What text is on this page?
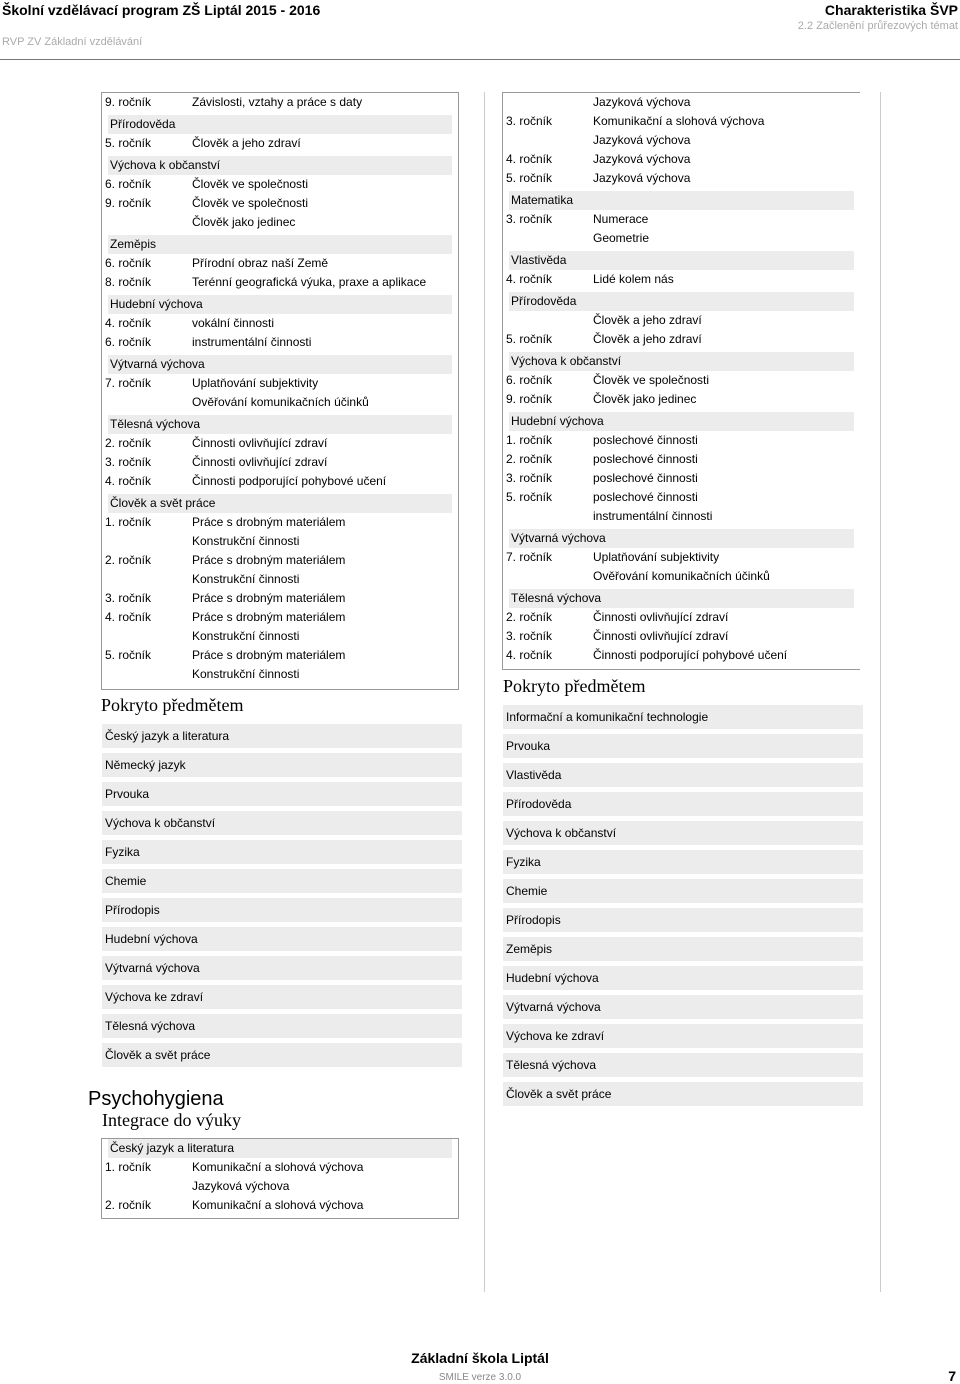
Školní vzdělávací program ZŠ Liptál 2015 - 2016
RVP ZV Základní vzdělávání
Charakteristika ŠVP
2.2 Začlenění průřezových témat
9. ročník	Závislosti, vztahy a práce s daty
Přírodověda
5. ročník	Člověk a jeho zdraví
Výchova k občanství
6. ročník	Člověk ve společnosti
9. ročník	Člověk ve společnosti
Člověk jako jedinec
Zeměpis
6. ročník	Přírodní obraz naší Země
8. ročník	Terénní geografická výuka, praxe a aplikace
Hudební výchova
4. ročník	vokální činnosti
6. ročník	instrumentální činnosti
Výtvarná výchova
7. ročník	Uplatňování subjektivity
Ověřování komunikačních účinků
Tělesná výchova
2. ročník	Činnosti ovlivňující zdraví
3. ročník	Činnosti ovlivňující zdraví
4. ročník	Činnosti podporující pohybové učení
Člověk a svět práce
1. ročník	Práce s drobným materiálem
Konstrukční činnosti
2. ročník	Práce s drobným materiálem
Konstrukční činnosti
3. ročník	Práce s drobným materiálem
4. ročník	Práce s drobným materiálem
Konstrukční činnosti
5. ročník	Práce s drobným materiálem
Konstrukční činnosti
Pokryto předmětem
Český jazyk a literatura
Německý jazyk
Prvouka
Výchova k občanství
Fyzika
Chemie
Přírodopis
Hudební výchova
Výtvarná výchova
Výchova ke zdraví
Tělesná výchova
Člověk a svět práce
Psychohygiena
Integrace do výuky
Český jazyk a literatura
1. ročník	Komunikační a slohová výchova
Jazyková výchova
2. ročník	Komunikační a slohová výchova
Jazyková výchova
3. ročník	Komunikační a slohová výchova
Jazyková výchova
4. ročník	Jazyková výchova
5. ročník	Jazyková výchova
Matematika
3. ročník	Numerace
Geometrie
Vlastivěda
4. ročník	Lidé kolem nás
Přírodověda
Člověk a jeho zdraví
5. ročník	Člověk a jeho zdraví
Výchova k občanství
6. ročník	Člověk ve společnosti
9. ročník	Člověk jako jedinec
Hudební výchova
1. ročník	poslechové činnosti
2. ročník	poslechové činnosti
3. ročník	poslechové činnosti
5. ročník	poslechové činnosti
instrumentální činnosti
Výtvarná výchova
7. ročník	Uplatňování subjektivity
Ověřování komunikačních účinků
Tělesná výchova
2. ročník	Činnosti ovlivňující zdraví
3. ročník	Činnosti ovlivňující zdraví
4. ročník	Činnosti podporující pohybové učení
Pokryto předmětem
Informační a komunikační technologie
Prvouka
Vlastivěda
Přírodověda
Výchova k občanství
Fyzika
Chemie
Přírodopis
Zeměpis
Hudební výchova
Výtvarná výchova
Výchova ke zdraví
Tělesná výchova
Člověk a svět práce
Základní škola Liptál
SMILE verze 3.0.0	7
